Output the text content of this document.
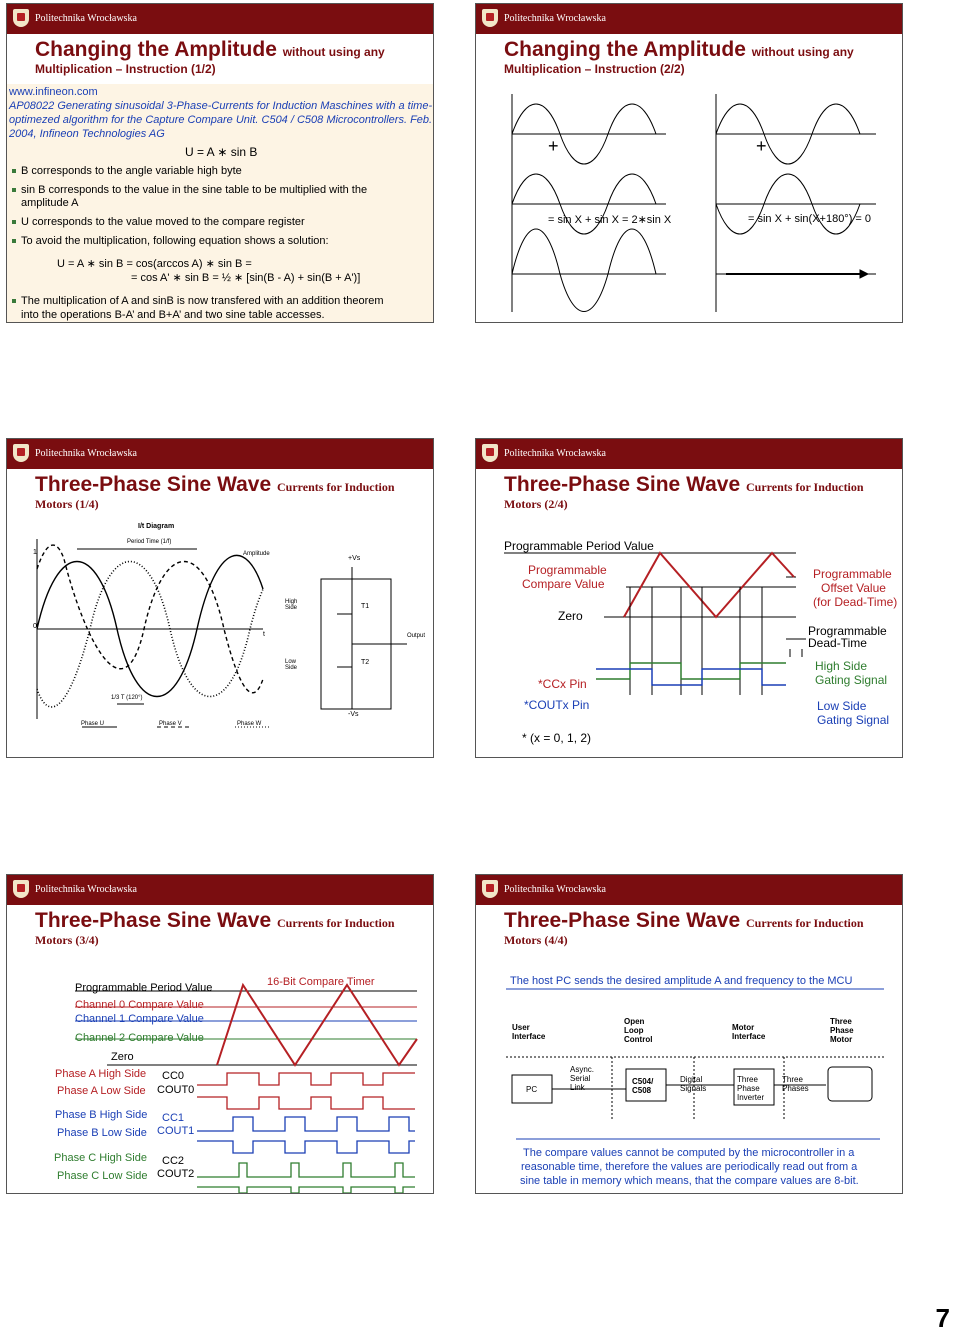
Politechnika Wrocławska
Changing the Amplitude without using any
Multiplication – Instruction (1/2)
www.infineon.com
AP08022 Generating sinusoidal 3-Phase-Currents for Induction Maschines with a time-
optimezed algorithm for the Capture Compare Unit. C504 / C508 Microcontrollers. Feb.
2004, Infineon Technologies AG
U = A ∗ sin B
B corresponds to the angle variable high byte
sin B corresponds to the value in the sine table to be multiplied with the
amplitude A
U corresponds to the value moved to the compare register
To avoid the multiplication, following equation shows a solution:
U = A ∗ sin B = cos(arccos A) ∗ sin B =
= cos A' ∗ sin B = ½ ∗ [sin(B - A) + sin(B + A')]
The multiplication of A and sinB is now transfered with an addition theorem
into the operations B-A’ and B+A’ and two sine table accesses.
Politechnika Wrocławska
Changing the Amplitude without using any
Multiplication – Instruction (2/2)
+	+
= sin X + sin X = 2∗sin X	= sin X + sin(X+180°) = 0
Politechnika Wrocławska
Three-Phase Sine Wave Currents for Induction
Motors (1/4)
I/t Diagram
Period Time (1/f)
Amplitude
1
0
t
1/3 T (120°)
Phase U	Phase V	Phase W
+Vs
-Vs
High Side
Low Side
T1
T2
Output
Politechnika Wrocławska
Three-Phase Sine Wave Currents for Induction
Motors (2/4)
Programmable Period Value
Programmable
Compare Value
Zero
Programmable
Offset Value
(for Dead-Time)
Programmable
Dead-Time
*CCx Pin
*COUTx Pin
High Side
Gating Signal
Low Side
Gating Signal
* (x = 0, 1, 2)
Politechnika Wrocławska
Three-Phase Sine Wave Currents for Induction
Motors (3/4)
Programmable Period Value	16-Bit Compare Timer
Channel 0 Compare Value
Channel 1 Compare Value
Channel 2 Compare Value
Zero
Phase A High Side
Phase A Low Side
CC0
COUT0
Phase B High Side
Phase B Low Side
CC1
COUT1
Phase C High Side
Phase C Low Side
CC2
COUT2
Politechnika Wrocławska
Three-Phase Sine Wave Currents for Induction
Motors (4/4)
The host PC sends the desired amplitude A and frequency to the MCU
User Interface
Open Loop Control
Motor Interface
Three Phase Motor
PC
Async. Serial Link
C504/ C508
Digital Signals
Three Phase Inverter
Three Phases
The compare values cannot be computed by the microcontroller in a
reasonable time, therefore the values are periodically read out from a
sine table in memory which means, that the compare values are 8-bit.
7
